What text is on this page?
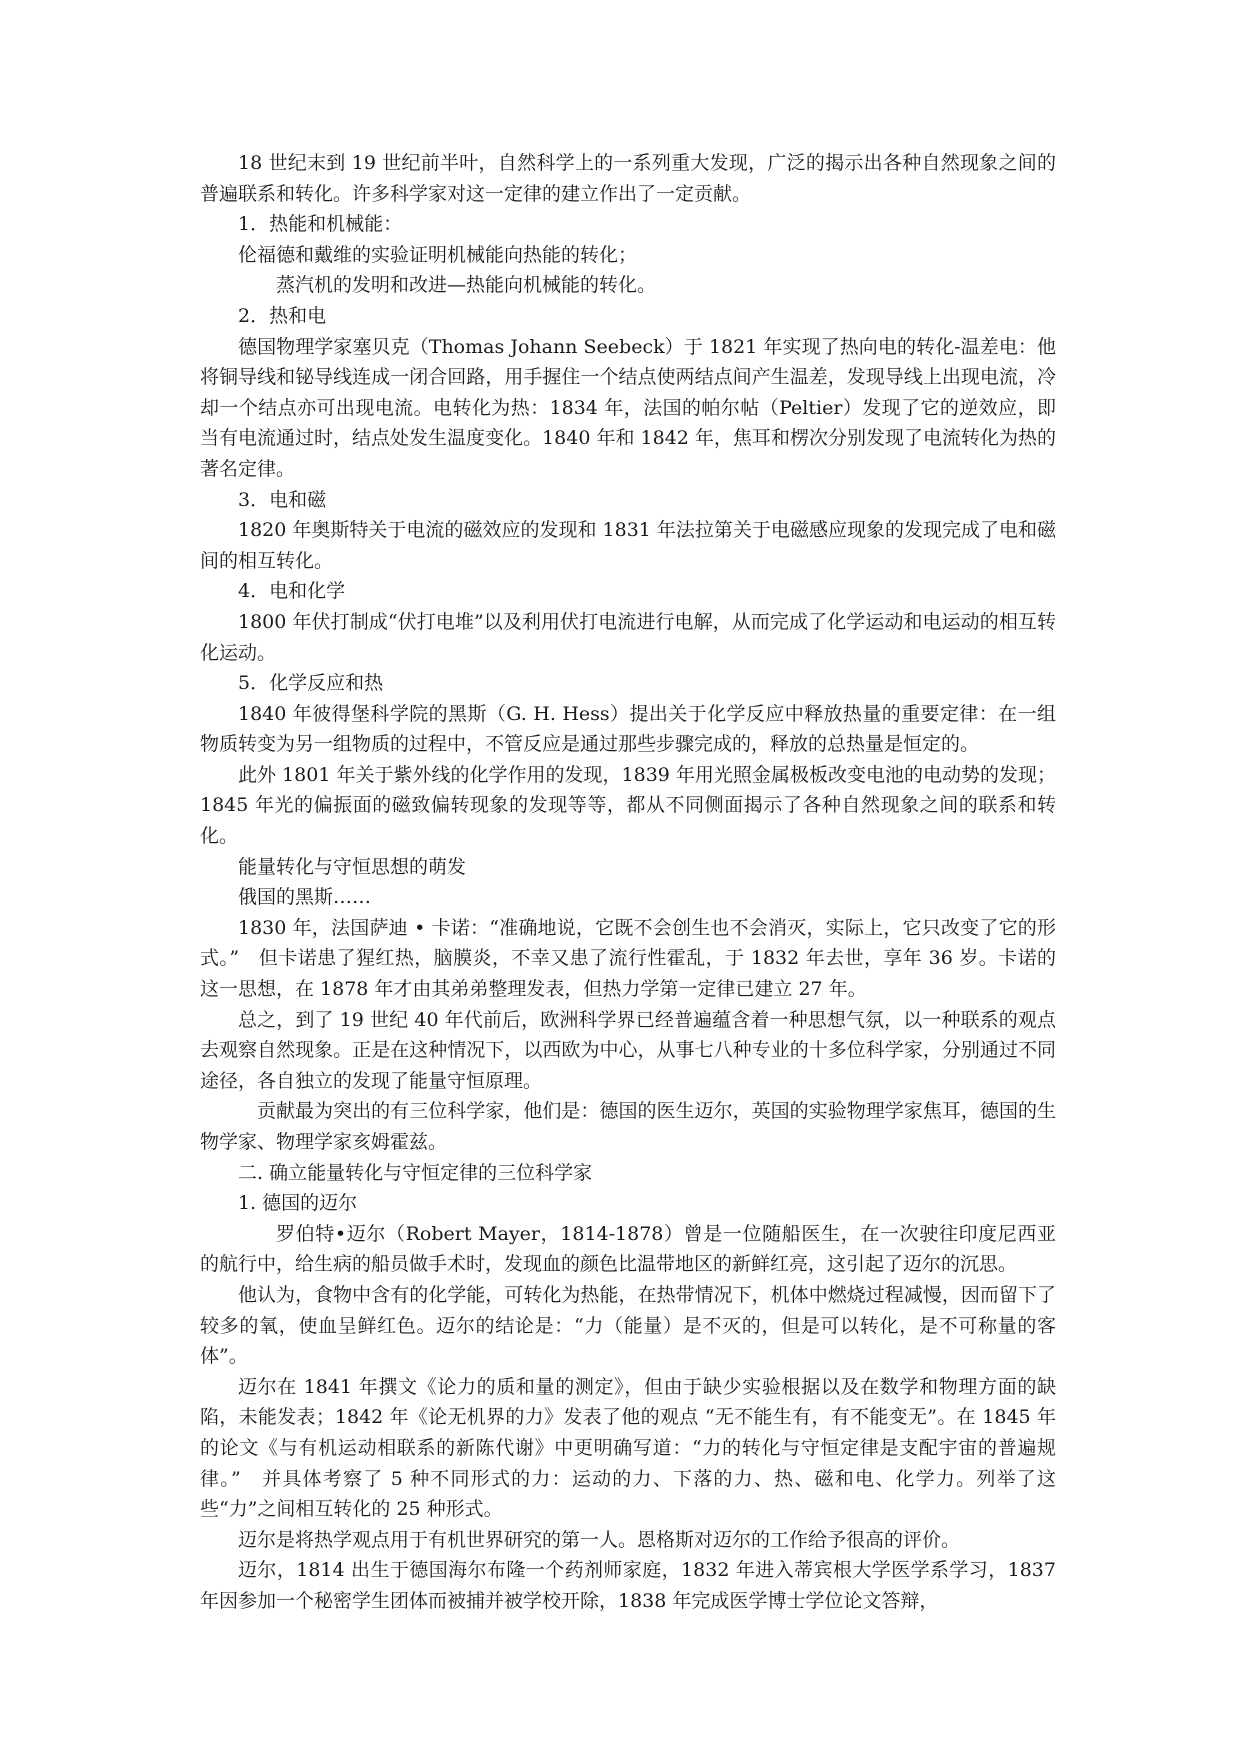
18 世纪末到 19 世纪前半叶，自然科学上的一系列重大发现，广泛的揭示出各种自然现象之间的普遍联系和转化。许多科学家对这一定律的建立作出了一定贡献。

1．热能和机械能：

伦福德和戴维的实验证明机械能向热能的转化；

蒸汽机的发明和改进—热能向机械能的转化。

2．热和电

德国物理学家塞贝克（Thomas Johann Seebeck）于 1821 年实现了热向电的转化-温差电：他将铜导线和铋导线连成一闭合回路，用手握住一个结点使两结点间产生温差，发现导线上出现电流，冷却一个结点亦可出现电流。电转化为热：1834 年，法国的帕尔帖（Peltier）发现了它的逆效应，即当有电流通过时，结点处发生温度变化。1840 年和 1842 年，焦耳和楞次分别发现了电流转化为热的著名定律。

3．电和磁

1820 年奥斯特关于电流的磁效应的发现和 1831 年法拉第关于电磁感应现象的发现完成了电和磁间的相互转化。

4．电和化学

1800 年伏打制成“伏打电堆”以及利用伏打电流进行电解，从而完成了化学运动和电运动的相互转化运动。

5．化学反应和热

1840 年彼得堡科学院的黑斯（G. H. Hess）提出关于化学反应中释放热量的重要定律：在一组物质转变为另一组物质的过程中，不管反应是通过那些步骤完成的，释放的总热量是恒定的。

此外 1801 年关于紫外线的化学作用的发现，1839 年用光照金属极板改变电池的电动势的发现；1845 年光的偏振面的磁致偏转现象的发现等等，都从不同侧面揭示了各种自然现象之间的联系和转化。

能量转化与守恒思想的萌发

俄国的黑斯……

1830 年，法国萨迪 • 卡诺：“准确地说，它既不会创生也不会消灭，实际上，它只改变了它的形式。”　但卡诺患了猩红热，脑膜炎，不幸又患了流行性霍乱，于 1832 年去世，享年 36 岁。卡诺的这一思想，在 1878 年才由其弟弟整理发表，但热力学第一定律已建立 27 年。

总之，到了 19 世纪 40 年代前后，欧洲科学界已经普遍蕴含着一种思想气氛，以一种联系的观点去观察自然现象。正是在这种情况下，以西欧为中心，从事七八种专业的十多位科学家，分别通过不同途径，各自独立的发现了能量守恒原理。

贡献最为突出的有三位科学家，他们是：德国的医生迈尔，英国的实验物理学家焦耳，德国的生物学家、物理学家亥姆霍兹。

二. 确立能量转化与守恒定律的三位科学家

1. 德国的迈尔

罗伯特•迈尔（Robert Mayer，1814-1878）曾是一位随船医生，在一次驶往印度尼西亚的航行中，给生病的船员做手术时，发现血的颜色比温带地区的新鲜红亮，这引起了迈尔的沉思。

他认为，食物中含有的化学能，可转化为热能，在热带情况下，机体中燃烧过程减慢，因而留下了较多的氧，使血呈鲜红色。迈尔的结论是：“力（能量）是不灭的，但是可以转化，是不可称量的客体”。

迈尔在 1841 年撰文《论力的质和量的测定》，但由于缺少实验根据以及在数学和物理方面的缺陷，未能发表；1842 年《论无机界的力》发表了他的观点 “无不能生有，有不能变无”。在 1845 年的论文《与有机运动相联系的新陈代谢》中更明确写道：“力的转化与守恒定律是支配宇宙的普遍规律。”　并具体考察了 5 种不同形式的力：运动的力、下落的力、热、磁和电、化学力。列举了这些“力”之间相互转化的 25 种形式。

迈尔是将热学观点用于有机世界研究的第一人。恩格斯对迈尔的工作给予很高的评价。

迈尔，1814 出生于德国海尔布隆一个药剂师家庭，1832 年进入蒂宾根大学医学系学习，1837 年因参加一个秘密学生团体而被捕并被学校开除，1838 年完成医学博士学位论文答辩，
